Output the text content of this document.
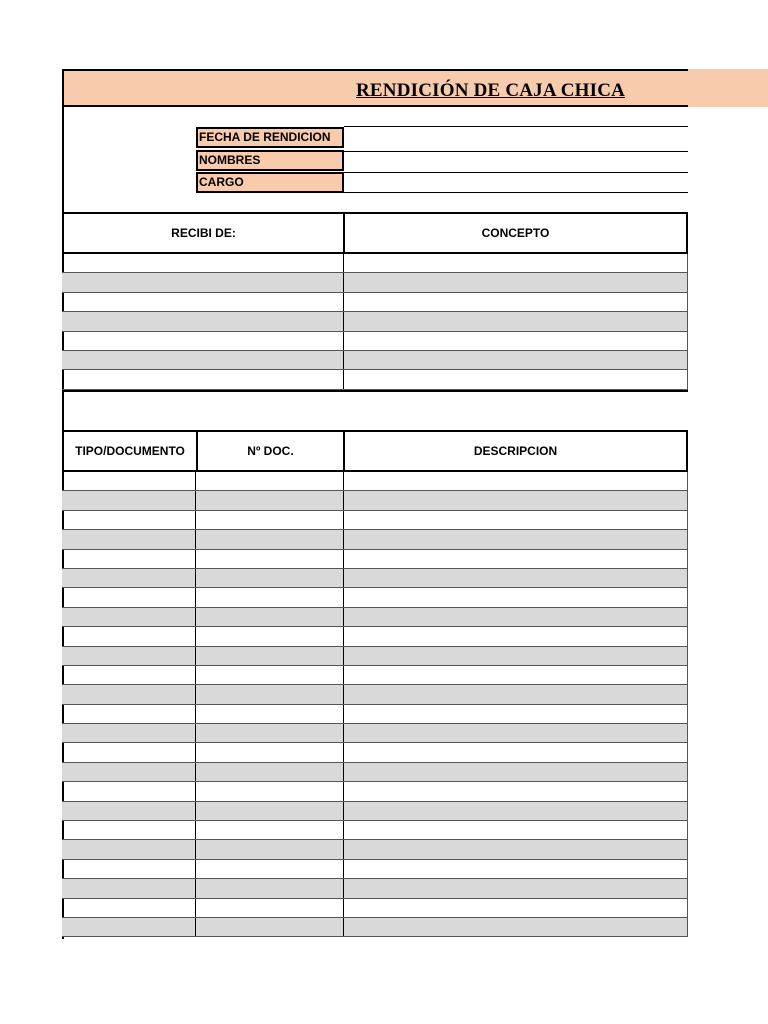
RENDICIÓN DE CAJA CHICA
FECHA DE RENDICION
NOMBRES
CARGO
RECIBI DE:	CONCEPTO
TIPO/DOCUMENTO	Nº DOC.	DESCRIPCION
